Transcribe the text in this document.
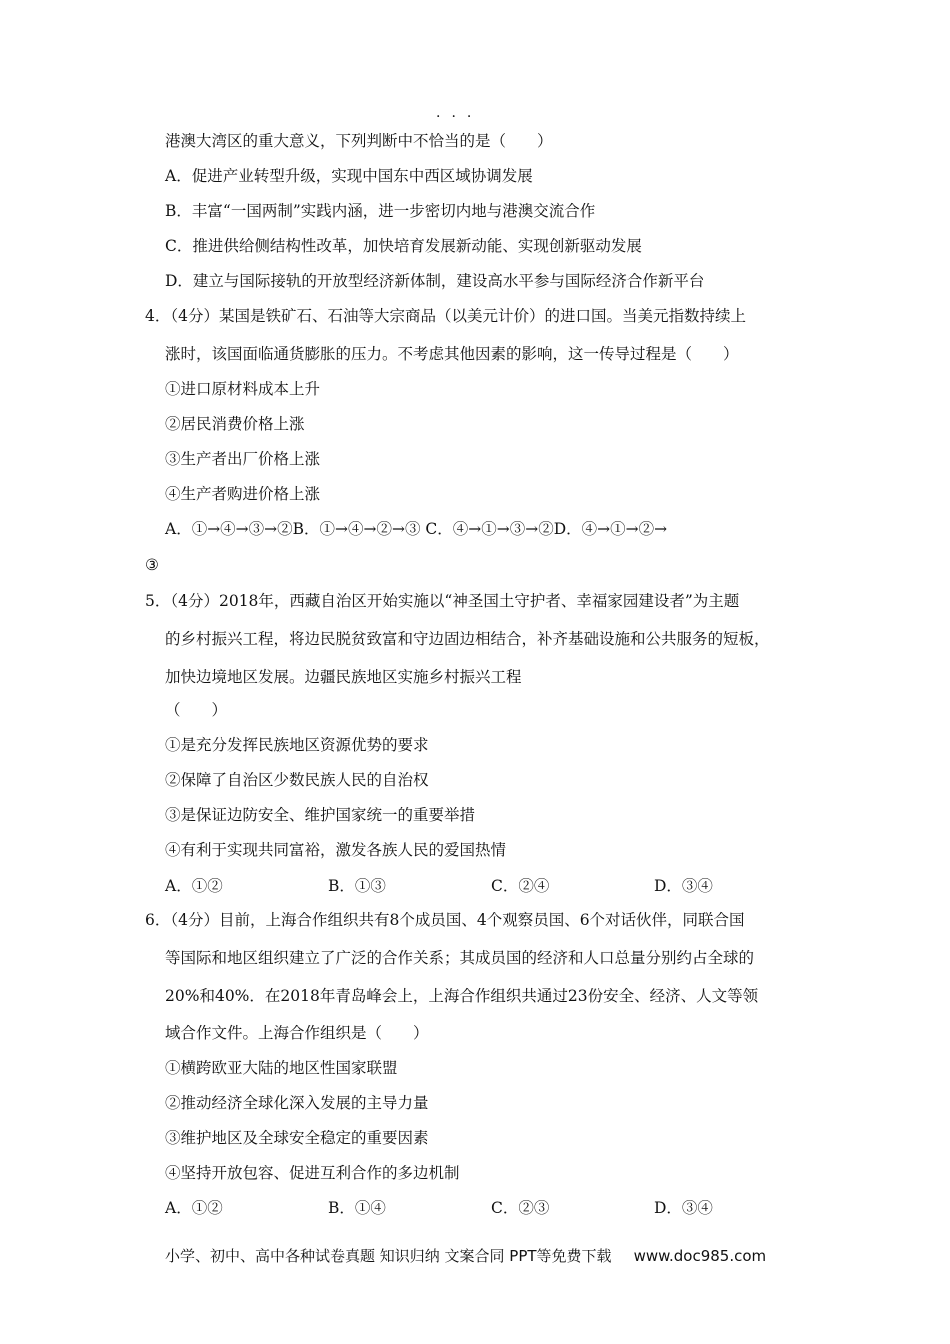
···
港澳大湾区的重大意义，下列判断中不恰当的是（　　）
A．促进产业转型升级，实现中国东中西区域协调发展
B．丰富“一国两制”实践内涵，进一步密切内地与港澳交流合作
C．推进供给侧结构性改革，加快培育发展新动能、实现创新驱动发展
D．建立与国际接轨的开放型经济新体制，建设高水平参与国际经济合作新平台
4．（4分）某国是铁矿石、石油等大宗商品（以美元计价）的进口国。当美元指数持续上
涨时，该国面临通货膨胀的压力。不考虑其他因素的影响，这一传导过程是（　　）
①进口原材料成本上升
②居民消费价格上涨
③生产者出厂价格上涨
④生产者购进价格上涨
A．①→④→③→②B．①→④→②→③ C．④→①→③→②D．④→①→②→
③
5．（4分）2018年，西藏自治区开始实施以“神圣国土守护者、幸福家园建设者”为主题
的乡村振兴工程，将边民脱贫致富和守边固边相结合，补齐基础设施和公共服务的短板，
加快边境地区发展。边疆民族地区实施乡村振兴工程
（　　）
①是充分发挥民族地区资源优势的要求
②保障了自治区少数民族人民的自治权
③是保证边防安全、维护国家统一的重要举措
④有利于实现共同富裕，激发各族人民的爱国热情
A．①②	B．①③	C．②④	D．③④
6．（4分）目前，上海合作组织共有8个成员国、4个观察员国、6个对话伙伴，同联合国
等国际和地区组织建立了广泛的合作关系；其成员国的经济和人口总量分别约占全球的
20%和40%．在2018年青岛峰会上，上海合作组织共通过23份安全、经济、人文等领
域合作文件。上海合作组织是（　　）
①横跨欧亚大陆的地区性国家联盟
②推动经济全球化深入发展的主导力量
③维护地区及全球安全稳定的重要因素
④坚持开放包容、促进互利合作的多边机制
A．①②	B．①④	C．②③	D．③④
小学、初中、高中各种试卷真题 知识归纳 文案合同 PPT等免费下载 www.doc985.com
